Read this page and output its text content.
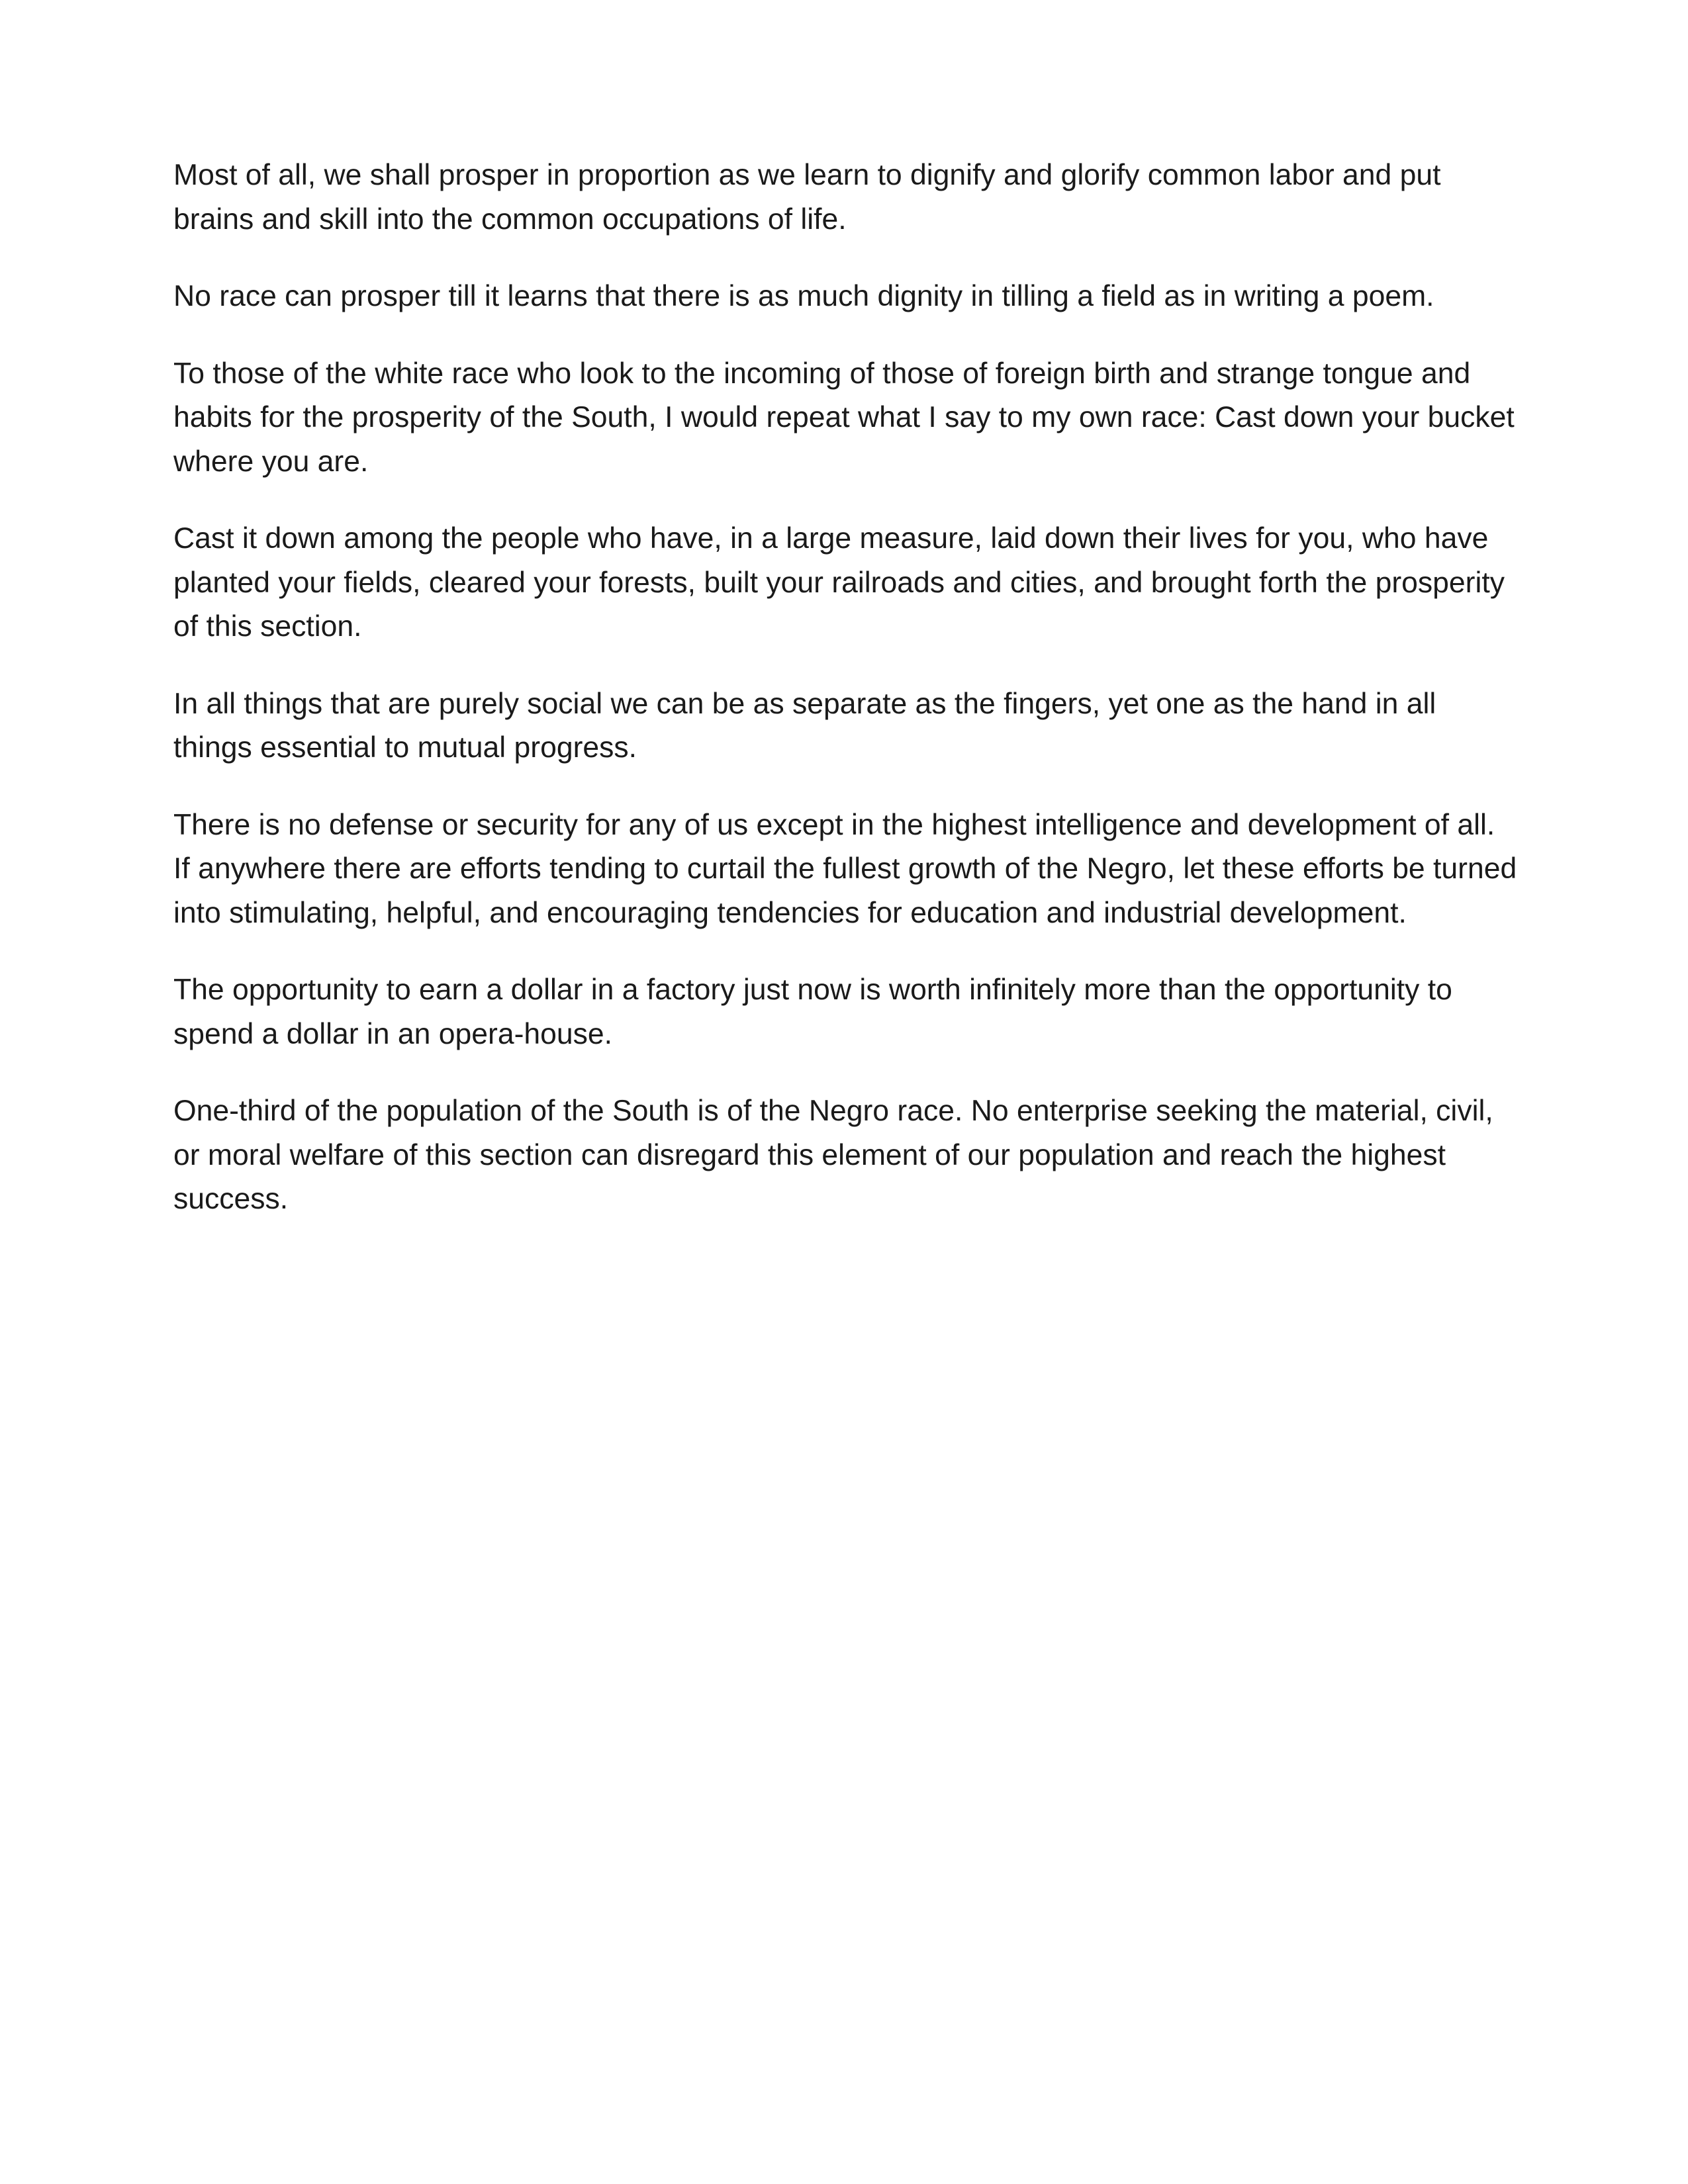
Most of all, we shall prosper in proportion as we learn to dignify and glorify common labor and put brains and skill into the common occupations of life.

No race can prosper till it learns that there is as much dignity in tilling a field as in writing a poem.

To those of the white race who look to the incoming of those of foreign birth and strange tongue and habits for the prosperity of the South, I would repeat what I say to my own race: Cast down your bucket where you are.

Cast it down among the people who have, in a large measure, laid down their lives for you, who have planted your fields, cleared your forests, built your railroads and cities, and brought forth the prosperity of this section.

In all things that are purely social we can be as separate as the fingers, yet one as the hand in all things essential to mutual progress.

There is no defense or security for any of us except in the highest intelligence and development of all. If anywhere there are efforts tending to curtail the fullest growth of the Negro, let these efforts be turned into stimulating, helpful, and encouraging tendencies for education and industrial development.

The opportunity to earn a dollar in a factory just now is worth infinitely more than the opportunity to spend a dollar in an opera-house.

One-third of the population of the South is of the Negro race. No enterprise seeking the material, civil, or moral welfare of this section can disregard this element of our population and reach the highest success.
